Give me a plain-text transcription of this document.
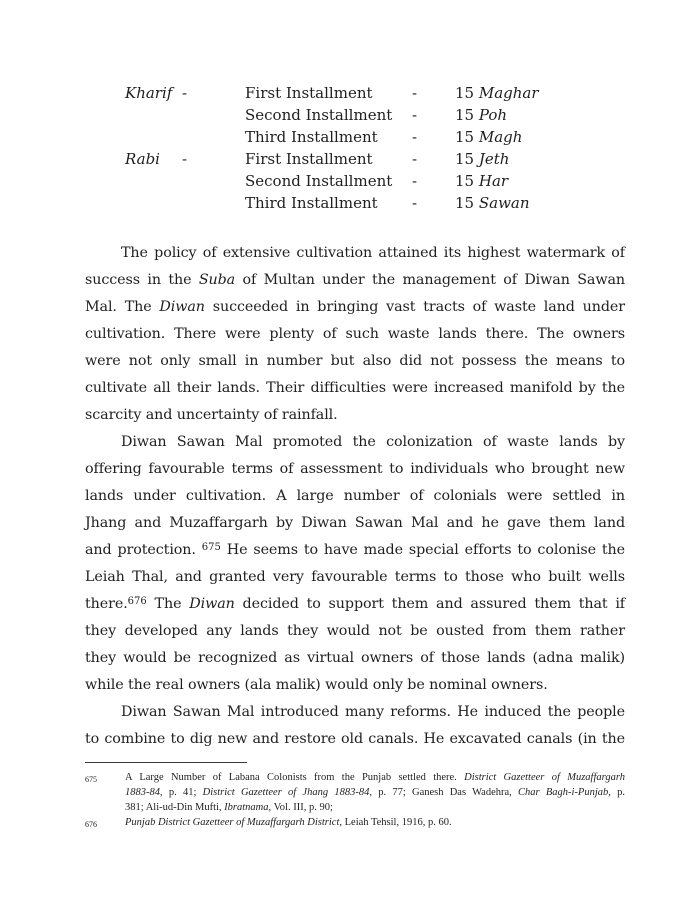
Kharif -	First Installment	-	15 Maghar
Second Installment	-	15 Poh
Third Installment	-	15 Magh
Rabi -	First Installment	-	15 Jeth
Second Installment	-	15 Har
Third Installment	-	15 Sawan
The policy of extensive cultivation attained its highest watermark of
success in the Suba of Multan under the management of Diwan Sawan
Mal. The Diwan succeeded in bringing vast tracts of waste land under
cultivation. There were plenty of such waste lands there. The owners
were not only small in number but also did not possess the means to
cultivate all their lands. Their difficulties were increased manifold by the
scarcity and uncertainty of rainfall.
Diwan Sawan Mal promoted the colonization of waste lands by
offering favourable terms of assessment to individuals who brought new
lands under cultivation. A large number of colonials were settled in
Jhang and Muzaffargarh by Diwan Sawan Mal and he gave them land
and protection. $^{675}$ He seems to have made special efforts to colonise the
Leiah Thal, and granted very favourable terms to those who built wells
there.$^{676}$ The Diwan decided to support them and assured them that if
they developed any lands they would not be ousted from them rather
they would be recognized as virtual owners of those lands (adna malik)
while the real owners (ala malik) would only be nominal owners.
Diwan Sawan Mal introduced many reforms. He induced the people
to combine to dig new and restore old canals. He excavated canals (in the
675	A Large Number of Labana Colonists from the Punjab settled there. District Gazetteer of Muzaffargarh
1883-84, p. 41; District Gazetteer of Jhang 1883-84, p. 77; Ganesh Das Wadehra, Char Bagh-i-Punjab, p.
381; Ali-ud-Din Mufti, Ibratnama, Vol. III, p. 90;
676	Punjab District Gazetteer of Muzaffargarh District, Leiah Tehsil, 1916, p. 60.
